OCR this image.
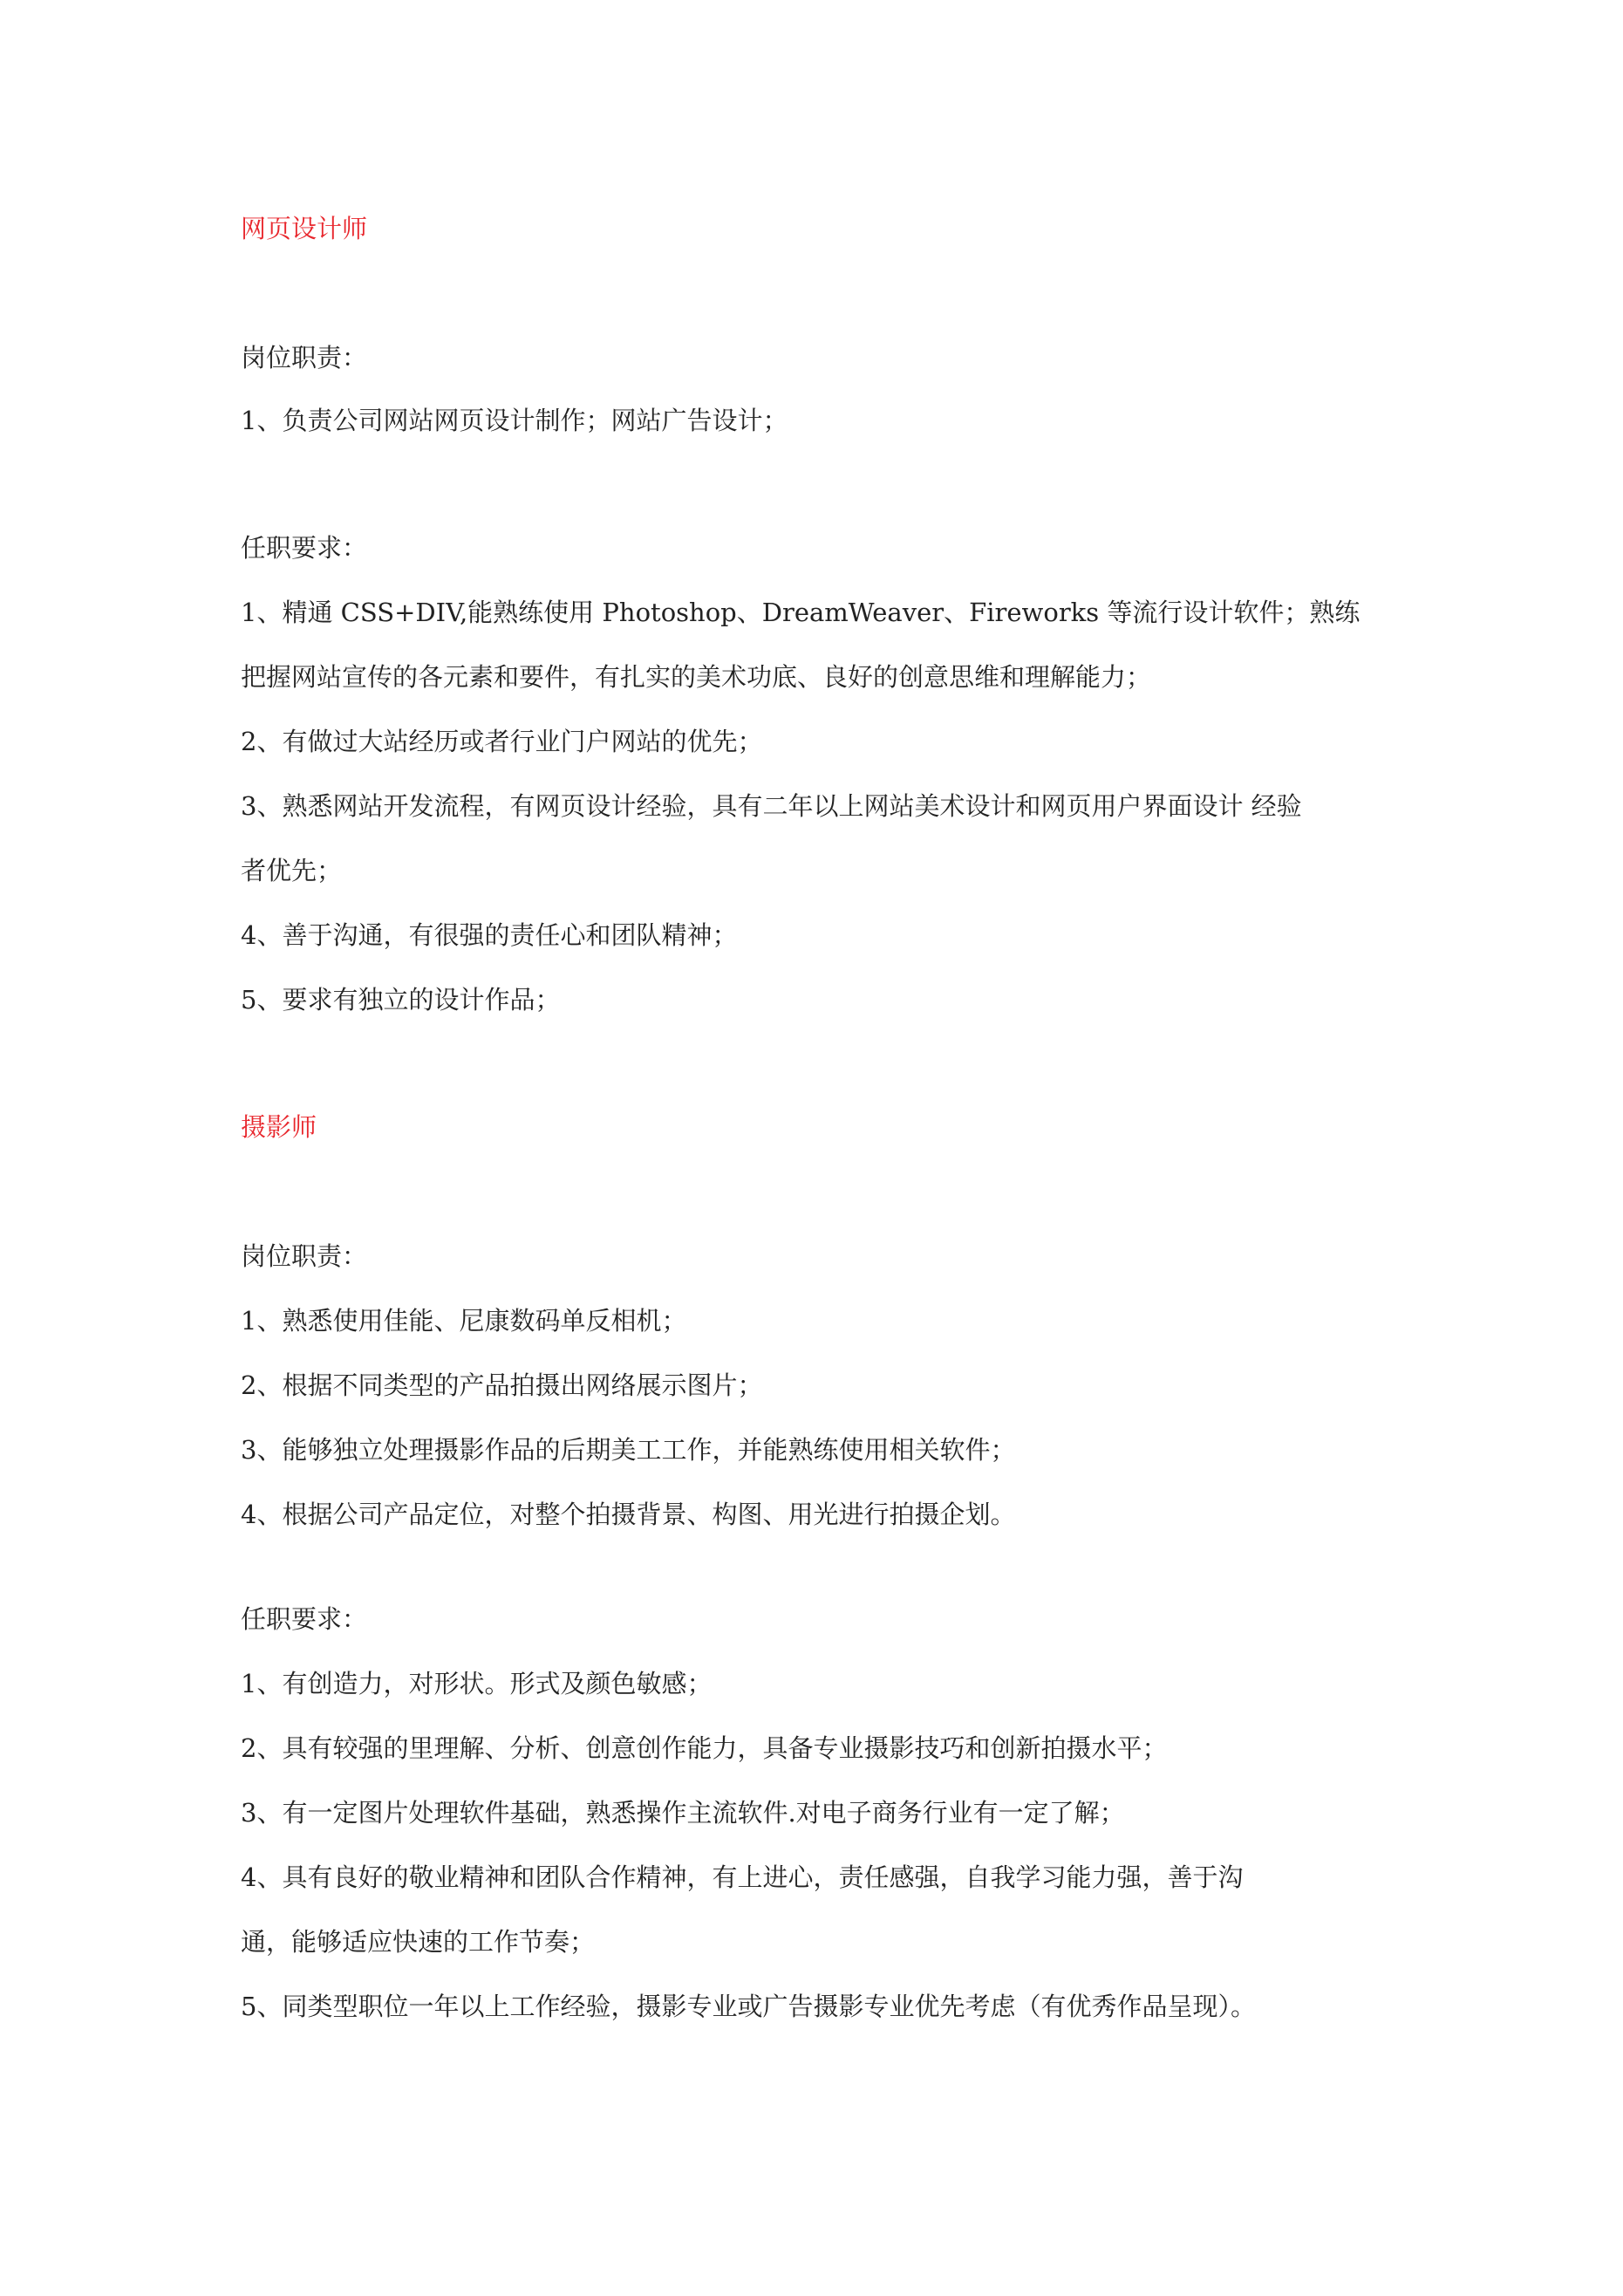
网页设计师
岗位职责：
1、负责公司网站网页设计制作；网站广告设计；
任职要求：
1、精通 CSS+DIV,能熟练使用 Photoshop、DreamWeaver、Fireworks 等流行设计软件；熟练
把握网站宣传的各元素和要件，有扎实的美术功底、良好的创意思维和理解能力；
2、有做过大站经历或者行业门户网站的优先；
3、熟悉网站开发流程，有网页设计经验，具有二年以上网站美术设计和网页用户界面设计 经验
者优先；
4、善于沟通，有很强的责任心和团队精神；
5、要求有独立的设计作品；
摄影师
岗位职责：
1、熟悉使用佳能、尼康数码单反相机；
2、根据不同类型的产品拍摄出网络展示图片；
3、能够独立处理摄影作品的后期美工工作，并能熟练使用相关软件；
4、根据公司产品定位，对整个拍摄背景、构图、用光进行拍摄企划。
任职要求：
1、有创造力，对形状。形式及颜色敏感；
2、具有较强的里理解、分析、创意创作能力，具备专业摄影技巧和创新拍摄水平；
3、有一定图片处理软件基础，熟悉操作主流软件.对电子商务行业有一定了解；
4、具有良好的敬业精神和团队合作精神，有上进心，责任感强，自我学习能力强，善于沟
通，能够适应快速的工作节奏；
5、同类型职位一年以上工作经验，摄影专业或广告摄影专业优先考虑（有优秀作品呈现）。
